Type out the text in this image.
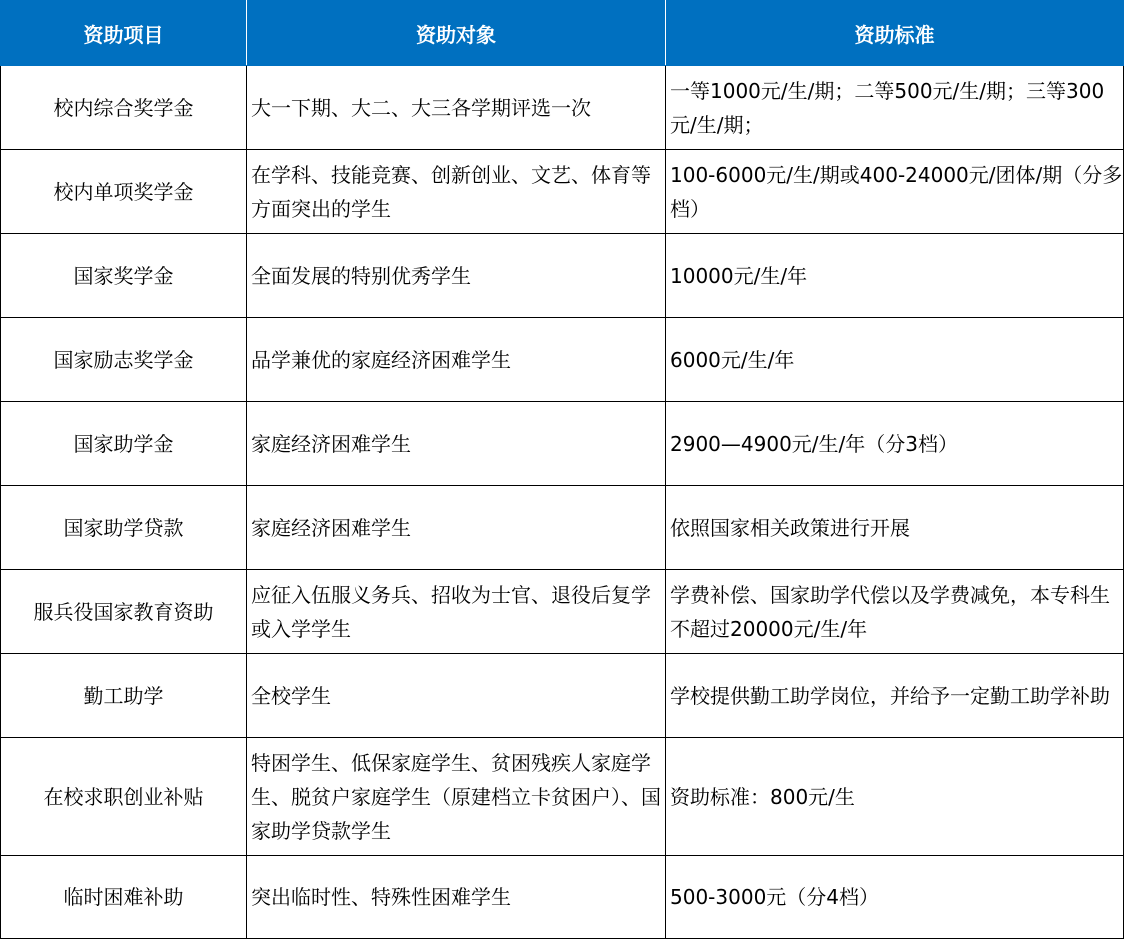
资助项目	资助对象	资助标准
校内综合奖学金	大一下期、大二、大三各学期评选一次	一等1000元/生/期；二等500元/生/期；三等300元/生/期；
校内单项奖学金	在学科、技能竞赛、创新创业、文艺、体育等方面突出的学生	100-6000元/生/期或400-24000元/团体/期（分多档）
国家奖学金	全面发展的特别优秀学生	10000元/生/年
国家励志奖学金	品学兼优的家庭经济困难学生	6000元/生/年
国家助学金	家庭经济困难学生	2900—4900元/生/年（分3档）
国家助学贷款	家庭经济困难学生	依照国家相关政策进行开展
服兵役国家教育资助	应征入伍服义务兵、招收为士官、退役后复学或入学学生	学费补偿、国家助学代偿以及学费减免，本专科生不超过20000元/生/年
勤工助学	全校学生	学校提供勤工助学岗位，并给予一定勤工助学补助
在校求职创业补贴	特困学生、低保家庭学生、贫困残疾人家庭学生、脱贫户家庭学生（原建档立卡贫困户）、国家助学贷款学生	资助标准：800元/生
临时困难补助	突出临时性、特殊性困难学生	500-3000元（分4档）
